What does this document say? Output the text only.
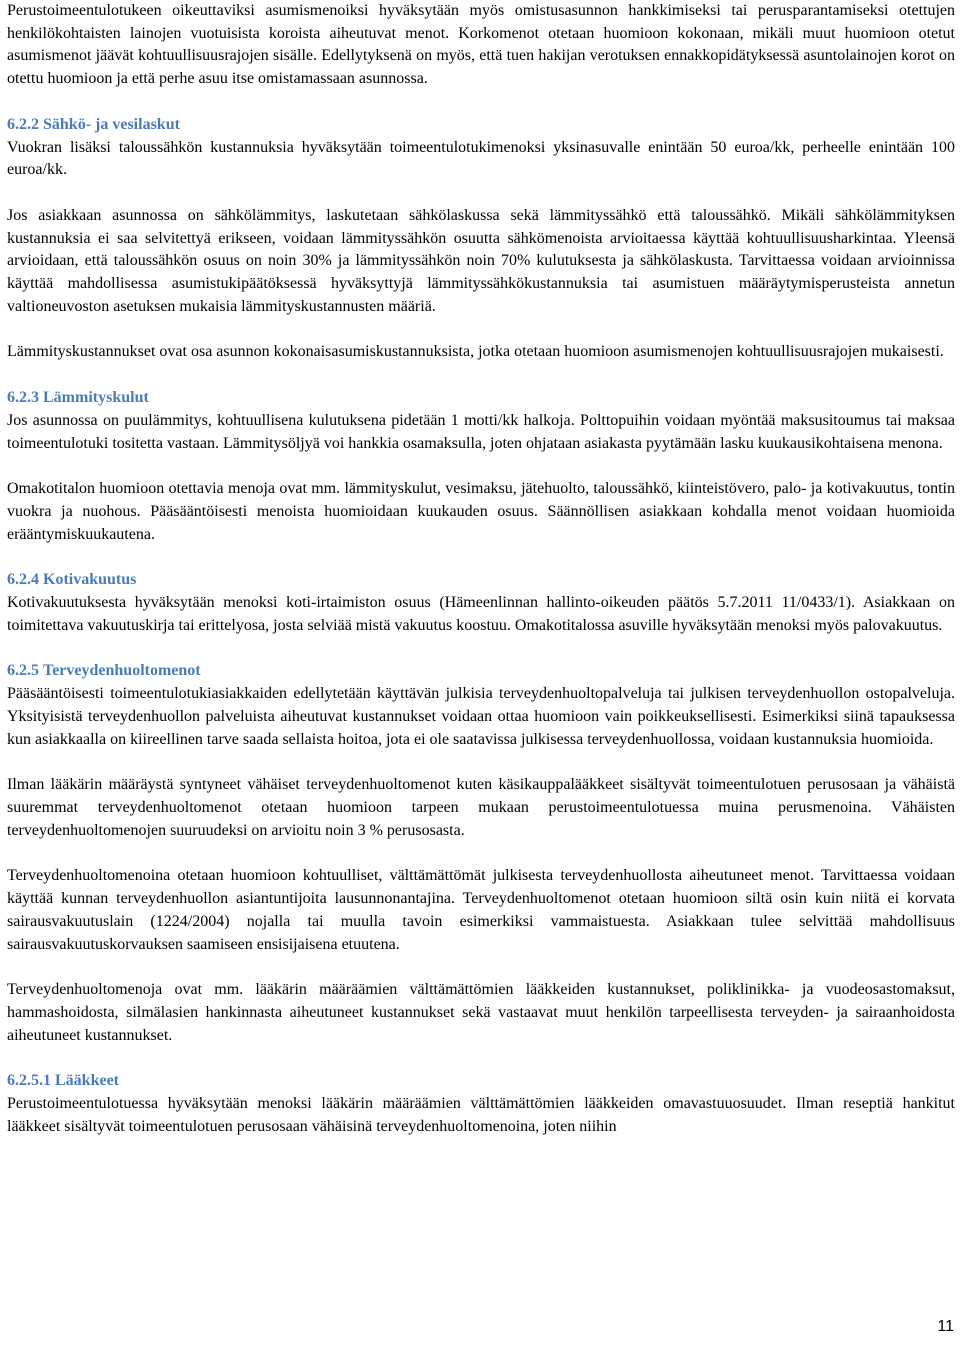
Perustoimeentulotukeen oikeuttaviksi asumismenoiksi hyväksytään myös omistusasunnon hankkimiseksi tai perusparantamiseksi otettujen henkilökohtaisten lainojen vuotuisista koroista aiheutuvat menot. Korkomenot otetaan huomioon kokonaan, mikäli muut huomioon otetut asumismenot jäävät kohtuullisuusrajojen sisälle. Edellytyksenä on myös, että tuen hakijan verotuksen ennakkopidätyksessä asuntolainojen korot on otettu huomioon ja että perhe asuu itse omistamassaan asunnossa.

6.2.2 Sähkö- ja vesilaskut

Vuokran lisäksi taloussähkön kustannuksia hyväksytään toimeentulotukimenoksi yksinasuvalle enintään 50 euroa/kk, perheelle enintään 100 euroa/kk.

Jos asiakkaan asunnossa on sähkölämmitys, laskutetaan sähkölaskussa sekä lämmityssähkö että taloussähkö. Mikäli sähkölämmityksen kustannuksia ei saa selvitettyä erikseen, voidaan lämmityssähkön osuutta sähkömenoista arvioitaessa käyttää kohtuullisuusharkintaa. Yleensä arvioidaan, että taloussähkön osuus on noin 30% ja lämmityssähkön noin 70% kulutuksesta ja sähkölaskusta. Tarvittaessa voidaan arvioinnissa käyttää mahdollisessa asumistukipäätöksessä hyväksyttyjä lämmityssähkökustannuksia tai asumistuen määräytymisperusteista annetun valtioneuvoston asetuksen mukaisia lämmityskustannusten määriä.

Lämmityskustannukset ovat osa asunnon kokonaisasumiskustannuksista, jotka otetaan huomioon asumismenojen kohtuullisuusrajojen mukaisesti.

6.2.3 Lämmityskulut

Jos asunnossa on puulämmitys, kohtuullisena kulutuksena pidetään 1 motti/kk halkoja. Polttopuihin voidaan myöntää maksusitoumus tai maksaa toimeentulotuki tositetta vastaan. Lämmitysöljyä voi hankkia osamaksulla, joten ohjataan asiakasta pyytämään lasku kuukausikohtaisena menona.

Omakotitalon huomioon otettavia menoja ovat mm. lämmityskulut, vesimaksu, jätehuolto, taloussähkö, kiinteistövero, palo- ja kotivakuutus, tontin vuokra ja nuohous. Pääsääntöisesti menoista huomioidaan kuukauden osuus. Säännöllisen asiakkaan kohdalla menot voidaan huomioida erääntymiskuukautena.

6.2.4 Kotivakuutus

Kotivakuutuksesta hyväksytään menoksi koti-irtaimiston osuus (Hämeenlinnan hallinto-oikeuden päätös 5.7.2011 11/0433/1). Asiakkaan on toimitettava vakuutuskirja tai erittelyosa, josta selviää mistä vakuutus koostuu. Omakotitalossa asuville hyväksytään menoksi myös palovakuutus.

6.2.5 Terveydenhuoltomenot

Pääsääntöisesti toimeentulotukiasiakkaiden edellytetään käyttävän julkisia terveydenhuoltopalveluja tai julkisen terveydenhuollon ostopalveluja. Yksityisistä terveydenhuollon palveluista aiheutuvat kustannukset voidaan ottaa huomioon vain poikkeuksellisesti. Esimerkiksi siinä tapauksessa kun asiakkaalla on kiireellinen tarve saada sellaista hoitoa, jota ei ole saatavissa julkisessa terveydenhuollossa, voidaan kustannuksia huomioida.

Ilman lääkärin määräystä syntyneet vähäiset terveydenhuoltomenot kuten käsikauppalääkkeet sisältyvät toimeentulotuen perusosaan ja vähäistä suuremmat terveydenhuoltomenot otetaan huomioon tarpeen mukaan perustoimeentulotuessa muina perusmenoina. Vähäisten terveydenhuoltomenojen suuruudeksi on arvioitu noin 3 % perusosasta.

Terveydenhuoltomenoina otetaan huomioon kohtuulliset, välttämättömät julkisesta terveydenhuollosta aiheutuneet menot. Tarvittaessa voidaan käyttää kunnan terveydenhuollon asiantuntijoita lausunnonantajina. Terveydenhuoltomenot otetaan huomioon siltä osin kuin niitä ei korvata sairausvakuutuslain (1224/2004) nojalla tai muulla tavoin esimerkiksi vammaistuesta. Asiakkaan tulee selvittää mahdollisuus sairausvakuutuskorvauksen saamiseen ensisijaisena etuutena.

Terveydenhuoltomenoja ovat mm. lääkärin määräämien välttämättömien lääkkeiden kustannukset, poliklinikka- ja vuodeosastomaksut, hammashoidosta, silmälasien hankinnasta aiheutuneet kustannukset sekä vastaavat muut henkilön tarpeellisesta terveyden- ja sairaanhoidosta aiheutuneet kustannukset.

6.2.5.1 Lääkkeet

Perustoimeentulotuessa hyväksytään menoksi lääkärin määräämien välttämättömien lääkkeiden omavastuuosuudet. Ilman reseptiä hankitut lääkkeet sisältyvät toimeentulotuen perusosaan vähäisinä terveydenhuoltomenoina, joten niihin

11
